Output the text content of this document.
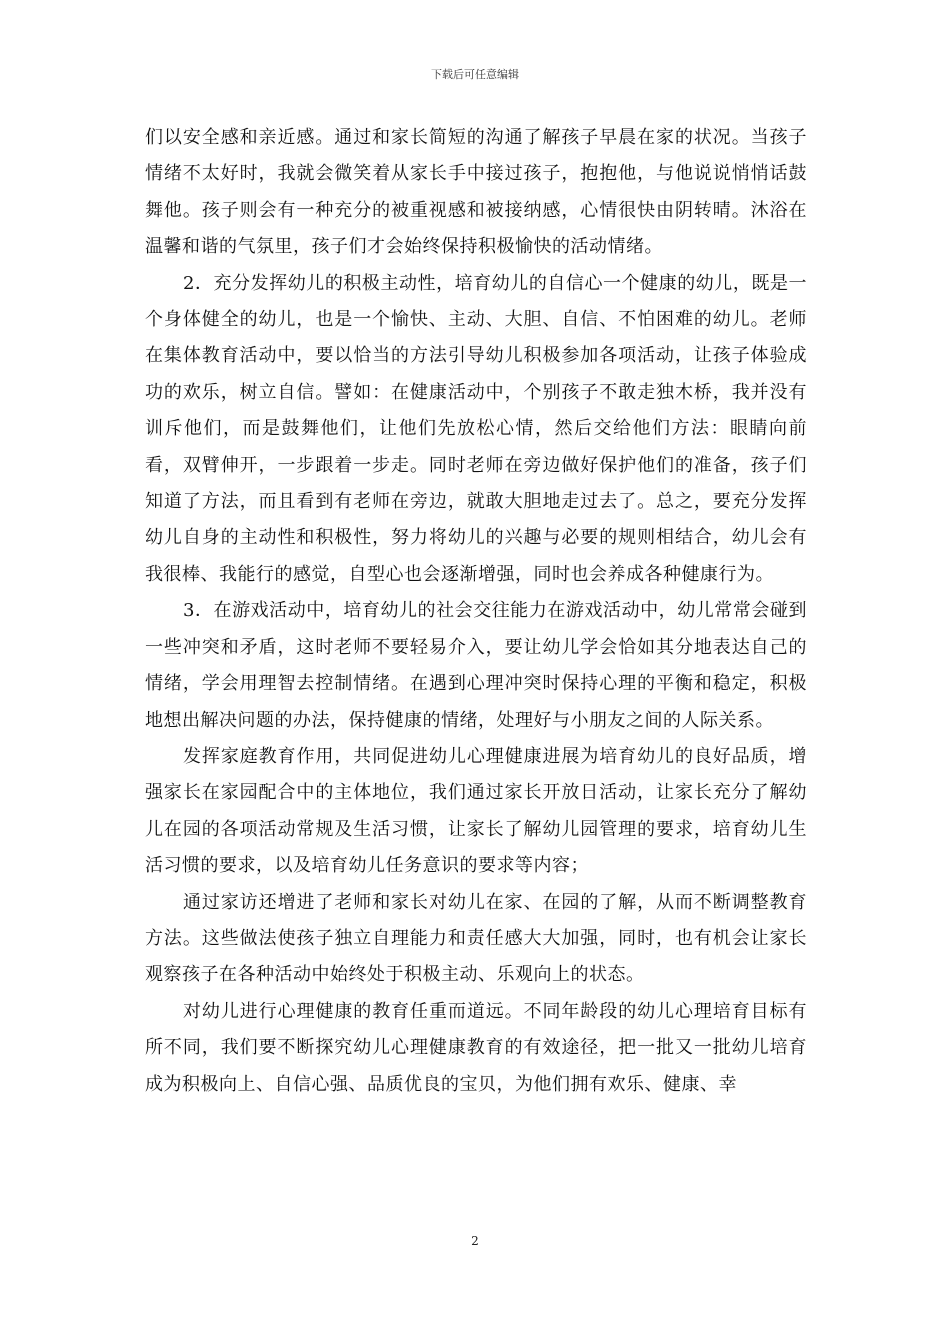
下载后可任意编辑

们以安全感和亲近感。通过和家长简短的沟通了解孩子早晨在家的状况。当孩子情绪不太好时，我就会微笑着从家长手中接过孩子，抱抱他，与他说说悄悄话鼓舞他。孩子则会有一种充分的被重视感和被接纳感，心情很快由阴转晴。沐浴在温馨和谐的气氛里，孩子们才会始终保持积极愉快的活动情绪。

2．充分发挥幼儿的积极主动性，培育幼儿的自信心一个健康的幼儿，既是一个身体健全的幼儿，也是一个愉快、主动、大胆、自信、不怕困难的幼儿。老师在集体教育活动中，要以恰当的方法引导幼儿积极参加各项活动，让孩子体验成功的欢乐，树立自信。譬如：在健康活动中，个别孩子不敢走独木桥，我并没有训斥他们，而是鼓舞他们，让他们先放松心情，然后交给他们方法：眼睛向前看，双臂伸开，一步跟着一步走。同时老师在旁边做好保护他们的准备，孩子们知道了方法，而且看到有老师在旁边，就敢大胆地走过去了。总之，要充分发挥幼儿自身的主动性和积极性，努力将幼儿的兴趣与必要的规则相结合，幼儿会有我很棒、我能行的感觉，自型心也会逐渐增强，同时也会养成各种健康行为。

3．在游戏活动中，培育幼儿的社会交往能力在游戏活动中，幼儿常常会碰到一些冲突和矛盾，这时老师不要轻易介入，要让幼儿学会恰如其分地表达自己的情绪，学会用理智去控制情绪。在遇到心理冲突时保持心理的平衡和稳定，积极地想出解决问题的办法，保持健康的情绪，处理好与小朋友之间的人际关系。

发挥家庭教育作用，共同促进幼儿心理健康进展为培育幼儿的良好品质，增强家长在家园配合中的主体地位，我们通过家长开放日活动，让家长充分了解幼儿在园的各项活动常规及生活习惯，让家长了解幼儿园管理的要求，培育幼儿生活习惯的要求，以及培育幼儿任务意识的要求等内容；

通过家访还增进了老师和家长对幼儿在家、在园的了解，从而不断调整教育方法。这些做法使孩子独立自理能力和责任感大大加强，同时，也有机会让家长观察孩子在各种活动中始终处于积极主动、乐观向上的状态。

对幼儿进行心理健康的教育任重而道远。不同年龄段的幼儿心理培育目标有所不同，我们要不断探究幼儿心理健康教育的有效途径，把一批又一批幼儿培育成为积极向上、自信心强、品质优良的宝贝，为他们拥有欢乐、健康、幸

2
